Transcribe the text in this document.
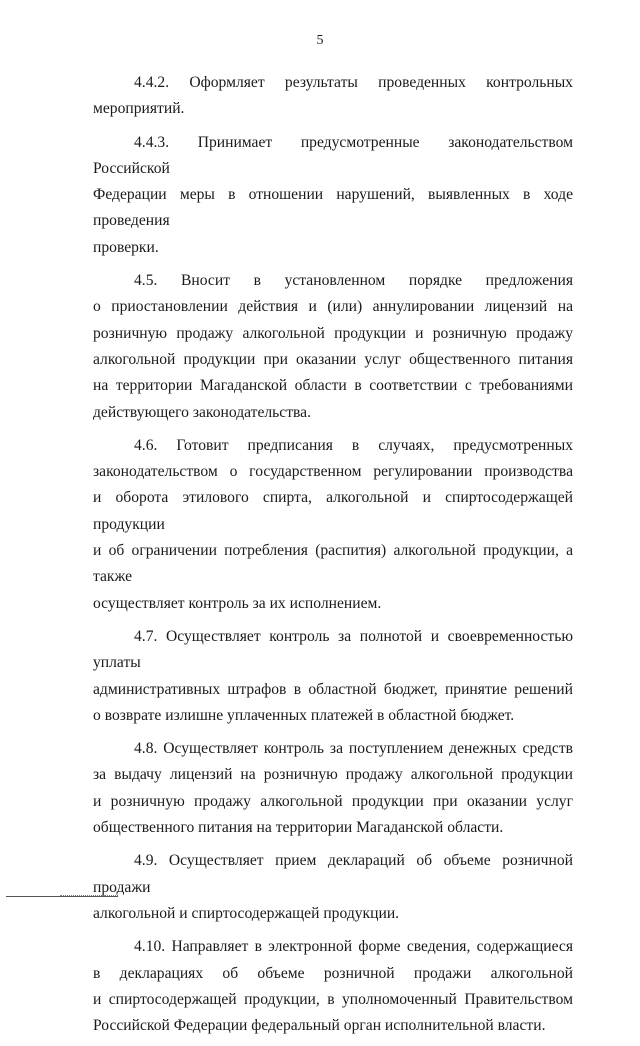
5
4.4.2. Оформляет результаты проведенных контрольных
мероприятий.
4.4.3. Принимает предусмотренные законодательством Российской
Федерации меры в отношении нарушений, выявленных в ходе проведения
проверки.
4.5. Вносит в установленном порядке предложения
о приостановлении действия и (или) аннулировании лицензий на
розничную продажу алкогольной продукции и розничную продажу
алкогольной продукции при оказании услуг общественного питания
на территории Магаданской области в соответствии с требованиями
действующего законодательства.
4.6. Готовит предписания в случаях, предусмотренных
законодательством о государственном регулировании производства
и оборота этилового спирта, алкогольной и спиртосодержащей продукции
и об ограничении потребления (распития) алкогольной продукции, а также
осуществляет контроль за их исполнением.
4.7. Осуществляет контроль за полнотой и своевременностью уплаты
административных штрафов в областной бюджет, принятие решений
о возврате излишне уплаченных платежей в областной бюджет.
4.8. Осуществляет контроль за поступлением денежных средств
за выдачу лицензий на розничную продажу алкогольной продукции
и розничную продажу алкогольной продукции при оказании услуг
общественного питания на территории Магаданской области.
4.9. Осуществляет прием деклараций об объеме розничной продажи
алкогольной и спиртосодержащей продукции.
4.10. Направляет в электронной форме сведения, содержащиеся
в декларациях об объеме розничной продажи алкогольной
и спиртосодержащей продукции, в уполномоченный Правительством
Российской Федерации федеральный орган исполнительной власти.
